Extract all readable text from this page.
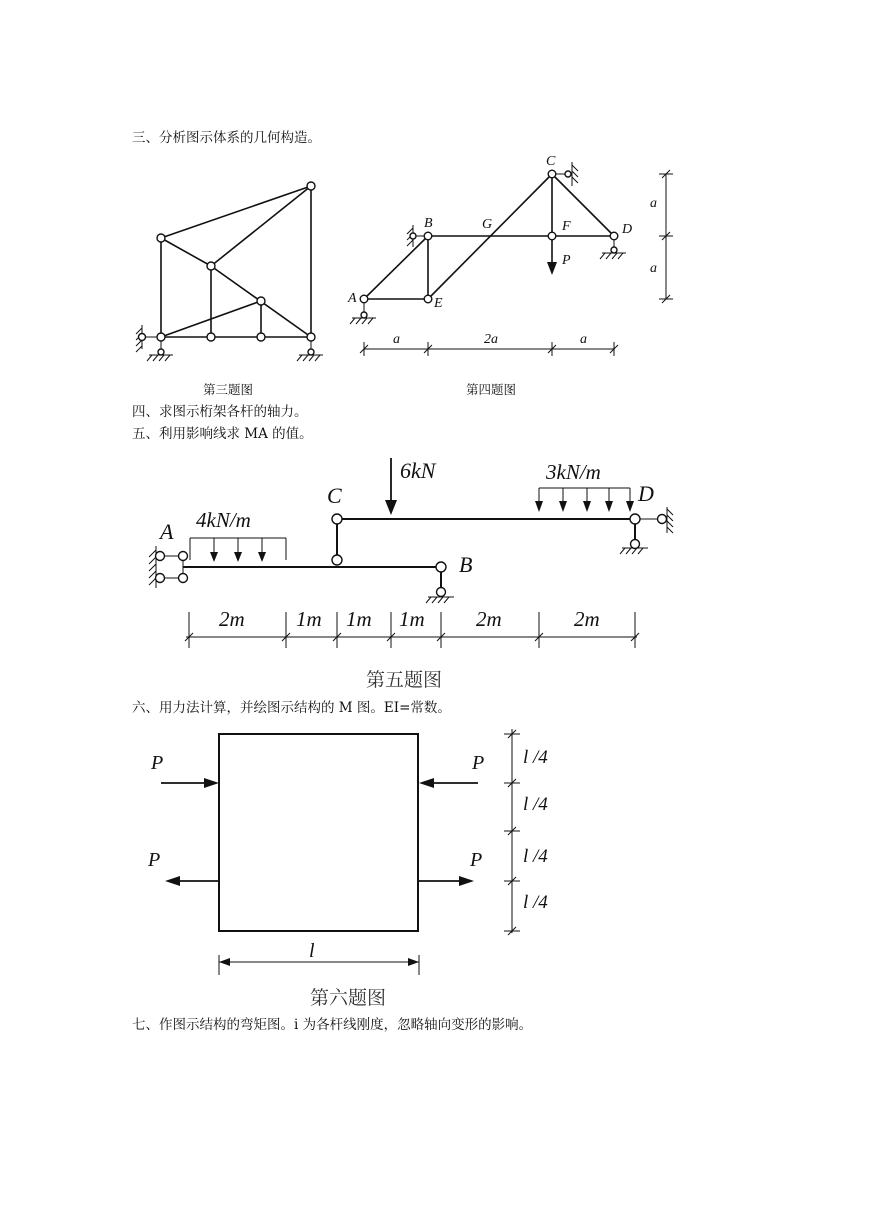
三、分析图示体系的几何构造。
第三题图	第四题图
四、求图示桁架各杆的轴力。
五、利用影响线求 MA 的值。
第五题图
六、用力法计算，并绘图示结构的 M 图。EI=常数。
第六题图
七、作图示结构的弯矩图。i 为各杆线刚度，忽略轴向变形的影响。
A
B
C
D
E
F
G
P
a	2a	a
a
a
6kN
4kN/m
3kN/m
A
B
C	D
2m 1m 1m 1m 2m	2m
P	P
P	P
l /4
l /4
l /4
l /4
l
